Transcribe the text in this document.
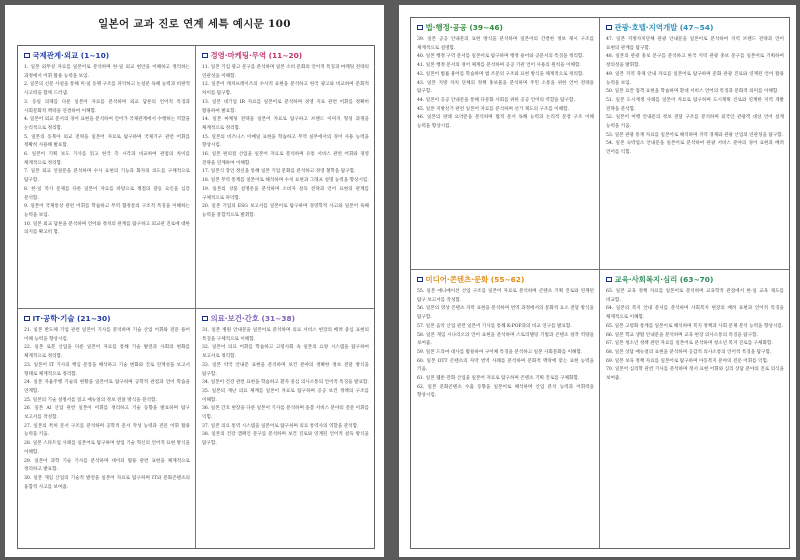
일본어 교과 진로 연계 세특 예시문 100
국제관계·외교 (1~10)

1. 일본 외무성 자료를 일본어로 분석하며 한·일 외교 현안을 이해하고 정리하는 과정에서 어휘 활용 능력을 보임.

2. 일본의 신문 사설을 통해 미·일 동맹 구조를 파악하고 논설문 독해 능력과 비판적 사고력을 함께 드러냄.

3. 동일 의제를 다룬 일본어 자료를 분석하며 외교 담론의 언어적 특징과 사회문화적 맥락을 연결하여 이해함.

4. 일본어 외교 문서의 경어 표현을 분석하여 언어가 국제관계에서 수행하는 역할을 논리적으로 정리함.

5. 일본의 동북아 외교 전략을 일본어 자료로 탐구하며 국제기구 관련 어휘를 정확히 사용해 발표함.

6. 일본어 기획 보도 기사를 읽고 한국 측 시각과 비교하여 관점의 차이를 체계적으로 정리함.

7. 일본 외교 연설문을 분석하며 수사 표현의 기능과 화자의 의도를 구체적으로 탐구함.

8. 한·일 역사 문제를 다룬 일본어 자료를 바탕으로 쟁점의 갈등 요인을 심층 분석함.

9. 일본어 국제통상 관련 어휘를 학습하고 무역 협정문의 구조적 특징을 이해하는 능력을 보임.

10. 일본 외교 담론을 분석하며 언어와 정치의 관계를 탐구하고 외교관 진로에 대한 의지를 확고히 함.

경영·마케팅·무역 (11~20)

11. 일본 기업 광고 문구를 분석하며 일본 소비 문화의 언어적 특징과 마케팅 전략의 연관성을 이해함.

12. 일본어 캐치프레이즈의 수사적 표현을 분석하고 한국 광고와 비교하여 문화적 차이를 탐구함.

13. 일본 대기업 IR 자료를 일본어로 분석하며 경영 지표 관련 어휘를 정확히 활용하여 발표함.

14. 일본 마케팅 전략을 일본어 자료로 탐구하고 브랜드 이미지 형성 과정을 체계적으로 정리함.

15. 일본의 비즈니스 이메일 표현을 학습하고 무역 실무에서의 경어 사용 능력을 향상시킴.

16. 일본 편의점 산업을 일본어 자료로 분석하며 유통 서비스 관련 어휘와 경영 전략을 연계하여 이해함.

17. 일본식 장인 정신을 통해 일본 기업 문화를 분석하고 경영 철학을 탐구함.

18. 일본 무역 통계를 일본어로 해석하며 수치 표현과 그래프 설명 능력을 향상시킴.

19. 일본의 상품 설명문을 분석하며 소비자 설득 전략과 언어 표현의 관계를 구체적으로 파악함.

20. 일본 기업의 ESG 보고서를 일본어로 탐구하며 경영학적 사고와 일본어 독해 능력을 통합적으로 발휘함.

IT·공학·기술 (21~30)

21. 일본 반도체 기업 관련 일본어 기사를 분석하며 기술 산업 어휘와 전문 용어 이해 능력을 향상시킴.

22. 일본 로봇 산업을 다룬 일본어 자료를 통해 기술 발전과 사회의 변화를 체계적으로 정리함.

23. 일본어 IT 기사의 핵심 문장을 해석하고 기술 변화와 진로 연계성을 보고서 형태로 체계적으로 정리함.

24. 일본 자율주행 기술의 현황을 일본어로 탐구하며 공학적 관점과 언어 학습을 연계함.

25. 일본의 기술 설명서를 읽고 매뉴얼의 정보 전달 방식을 분석함.

26. 일본 AI 산업 관련 일본어 어휘를 정리하고 기술 동향을 발표하며 탐구 보고서를 작성함.

27. 일본의 특허 문서 구조를 분석하며 공학적 문서 작성 능력과 전문 어휘 활용 능력을 키움.

28. 일본 스타트업 사례를 일본어로 탐구하며 창업 기술 혁신의 언어적 표현 방식을 이해함.

29. 일본어 과학 기술 기사를 분석하며 데이터 활용 관련 표현을 체계적으로 정리하고 발표함.

30. 일본 게임 산업의 기술적 발전을 일본어 자료로 탐구하며 IT와 문화콘텐츠의 융합적 사고를 보여줌.

의료·보건·간호 (31~38)

31. 일본 병원 안내문을 일본어로 분석하며 의료 서비스 현장의 배려 중심 표현의 특징을 구체적으로 이해함.

32. 일본어 의료 어휘를 학습하고 고령사회 속 일본의 요양 시스템을 탐구하여 보고서로 정리함.

33. 일본 약국 안내문 표현을 분석하며 보건 분야의 정확한 정보 전달 방식을 탐구함.

34. 일본어 건강 관련 표현을 학습하고 환자 중심 의사소통의 언어적 특징을 발표함.

35. 일본의 재난 의료 체계를 일본어 자료로 탐구하며 공공 보건 정책의 구조를 이해함.

36. 일본 간호 현장을 다룬 일본어 기사를 분석하며 돌봄 서비스 분야의 전문 어휘를 익힘.

37. 일본 의료 통역 시스템을 일본어로 탐구하며 의료 통역사의 역할을 분석함.

38. 일본의 건강 캠페인 문구를 분석하며 보건 진로와 연계된 언어적 설득 방식을 탐구함.

법·행정·공공 (39~46)

39. 일본 공공 안내문의 표현 방식을 분석하며 일본어의 간결한 정보 제시 구조를 체계적으로 설명함.

40. 일본 행정 구역 문서를 일본어로 탐구하며 행정 용어와 공문서의 특징을 정리함.

41. 일본 행정 문서의 경어 체계를 분석하며 공공 기관 언어 사용의 원칙을 이해함.

42. 일본어 법률 용어를 학습하며 법 조문의 구조와 표현 방식을 체계적으로 정리함.

43. 일본 지방 자치 단체의 정책 홍보물을 분석하며 주민 소통을 위한 언어 전략을 탐구함.

44. 일본어 공공 안내문을 통해 다문화 사회를 위한 공공 언어의 역할을 탐구함.

45. 일본 지방선거 관련 일본어 자료를 분석하며 선거 제도의 구조를 이해함.

46. 일본의 판례 요약문을 분석하며 법적 문서 독해 능력과 논리적 문장 구조 이해 능력을 향상시킴.

관광·호텔·지역개발 (47~54)

47. 일본 지방자치단체 관광 안내문을 일본어로 분석하여 지역 브랜드 전략과 언어 표현의 관계를 탐구함.

48. 일본의 관광 홍보 문구를 분석하고 한국 지역 관광 홍보 문구를 일본어로 기획하여 창의성을 발휘함.

49. 일본 지역 축제 안내 자료를 일본어로 탐구하며 문화 관광 진로와 연계된 언어 활용 능력을 보임.

50. 일본 료칸 접객 표현을 학습하며 환대 서비스 언어의 특징과 문화적 의미를 이해함.

51. 일본 도시재생 사례를 일본어 자료로 탐구하며 도시계획 진로와 연계한 지역 개발 전략을 분석함.

52. 일본어 여행 안내문의 정보 전달 구조를 분석하며 외국인 관광객 대상 언어 설계 능력을 키움.

53. 일본 관광 통계 자료를 일본어로 해석하며 지역 경제와 관광 산업의 연관성을 탐구함.

54. 일본 숙박업소 안내문을 일본어로 분석하여 관광 서비스 분야의 경어 표현과 배려 언어를 익힘.

미디어·콘텐츠·문화 (55~62)

55. 일본 애니메이션 산업 구조를 일본어 자료로 분석하며 콘텐츠 기획 진로와 연계된 탐구 보고서를 작성함.

56. 일본의 영상 콘텐츠 자막 표현을 분석하며 번역 과정에서의 문화적 요소 전달 방식을 탐구함.

57. 일본 음악 산업 관련 일본어 기사를 통해 K-POP과의 비교 연구를 발표함.

58. 일본 게임 시나리오의 언어 표현을 분석하며 스토리텔링 기법과 콘텐츠 창작 역량을 보여줌.

59. 일본 드라마 대사를 활용하여 구어체 특징을 분석하고 일본 사회문화를 이해함.

60. 일본 OTT 콘텐츠의 자막 번역 사례를 분석하며 문화적 맥락에 맞는 표현 능력을 키움.

61. 일본 웹툰·만화 산업을 일본어 자료로 탐구하며 콘텐츠 기획 진로를 구체화함.

62. 일본 문화콘텐츠 수출 동향을 일본어로 해석하며 산업 분석 능력과 어휘력을 향상시킴.

교육·사회복지·심리 (63~70)

63. 일본 교육 정책 자료를 일본어로 분석하며 교육학적 관점에서 한·일 교육 제도를 비교함.

64. 일본의 복지 안내 문서를 분석하며 사회복지 현장의 배려 표현과 언어적 특징을 체계적으로 이해함.

65. 일본 고령화 통계를 일본어로 해석하며 복지 정책과 사회 문제 분석 능력을 향상시킴.

66. 일본 학교 생활 안내문을 분석하며 교육 현장 의사소통의 특징을 탐구함.

67. 일본 청소년 정책 관련 자료를 일본어로 분석하며 청소년 복지 진로를 구체화함.

68. 일본 상담 매뉴얼의 표현을 분석하며 공감적 의사소통의 언어적 특징을 탐구함.

69. 일본 보육 정책 자료를 일본어로 탐구하며 아동복지 분야의 전문 어휘를 익힘.

70. 일본어 심리학 관련 기사를 분석하며 정서 표현 어휘와 심리 상담 분야의 진로 의식을 보여줌.
